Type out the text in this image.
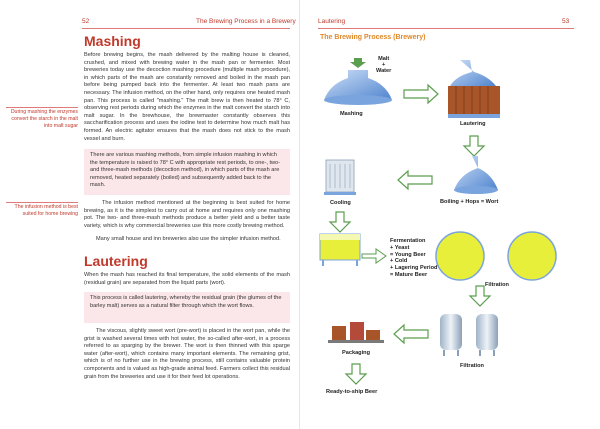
52	The Brewing Process in a Brewery
Mashing

Before brewing begins, the mash delivered by the malting house is cleaned, crushed, and mixed with brewing water in the mash pan or fermenter. Most breweries today use the decoction mashing procedure (multiple mash procedure), in which parts of the mash are constantly removed and boiled in the mash pan before being pumped back into the fermenter. At least two mash pans are necessary. The infusion method, on the other hand, only requires one heated mash pan. This process is called "mashing." The malt brew is then heated to 78° C, observing rest periods during which the enzymes in the malt convert the starch into malt sugar. In the brewhouse, the brewmaster constantly observes this saccharification process and uses the iodine test to determine how much malt has formed. An electric agitator ensures that the mash does not stick to the mash vessel and burn.

During mashing the enzymes convert the starch in the malt into malt sugar
There are various mashing methods, from simple infusion mashing in which the temperature is raised to 78° C with appropriate rest periods, to one-, two- and three-mash methods (decoction method), in which parts of the mash are removed, heated separately (boiled) and subsequently added back to the mash.
The infusion method is best suited for home brewing

The infusion method mentioned at the beginning is best suited for home brewing, as it is the simplest to carry out at home and requires only one mashing pot. The two- and three-mash methods produce a better yield and a better taste variety, which is why commercial breweries use this more costly brewing method.

Many small house and inn breweries also use the simpler infusion method.

Lautering

When the mash has reached its final temperature, the solid elements of the mash (residual grain) are separated from the liquid parts (wort).

This process is called lautering, whereby the residual grain (the glumes of the barley malt) serves as a natural filter through which the wort flows.

The viscous, slightly sweet wort (pre-wort) is placed in the wort pan, while the grist is washed several times with hot water, the so-called after-wort, in a process referred to as sparging by the brewer. The wort is then thinned with this sparge water (after-wort), which contains many important elements. The remaining grist, which is of no further use in the brewing process, still contains valuable protein components and is valued as high-grade animal feed. Farmers collect this residual grain from the breweries and use it for their feed lot operations.

Lautering	53
The Brewing Process (Brewery)
Malt
+
Water
Mashing
Lautering
Boiling + Hops = Wort
Cooling
Fermentation
+ Yeast
= Young Beer
+ Cold
+ Lagering Period
= Mature Beer
Filtration
Filtration
Packaging
Ready-to-ship Beer
